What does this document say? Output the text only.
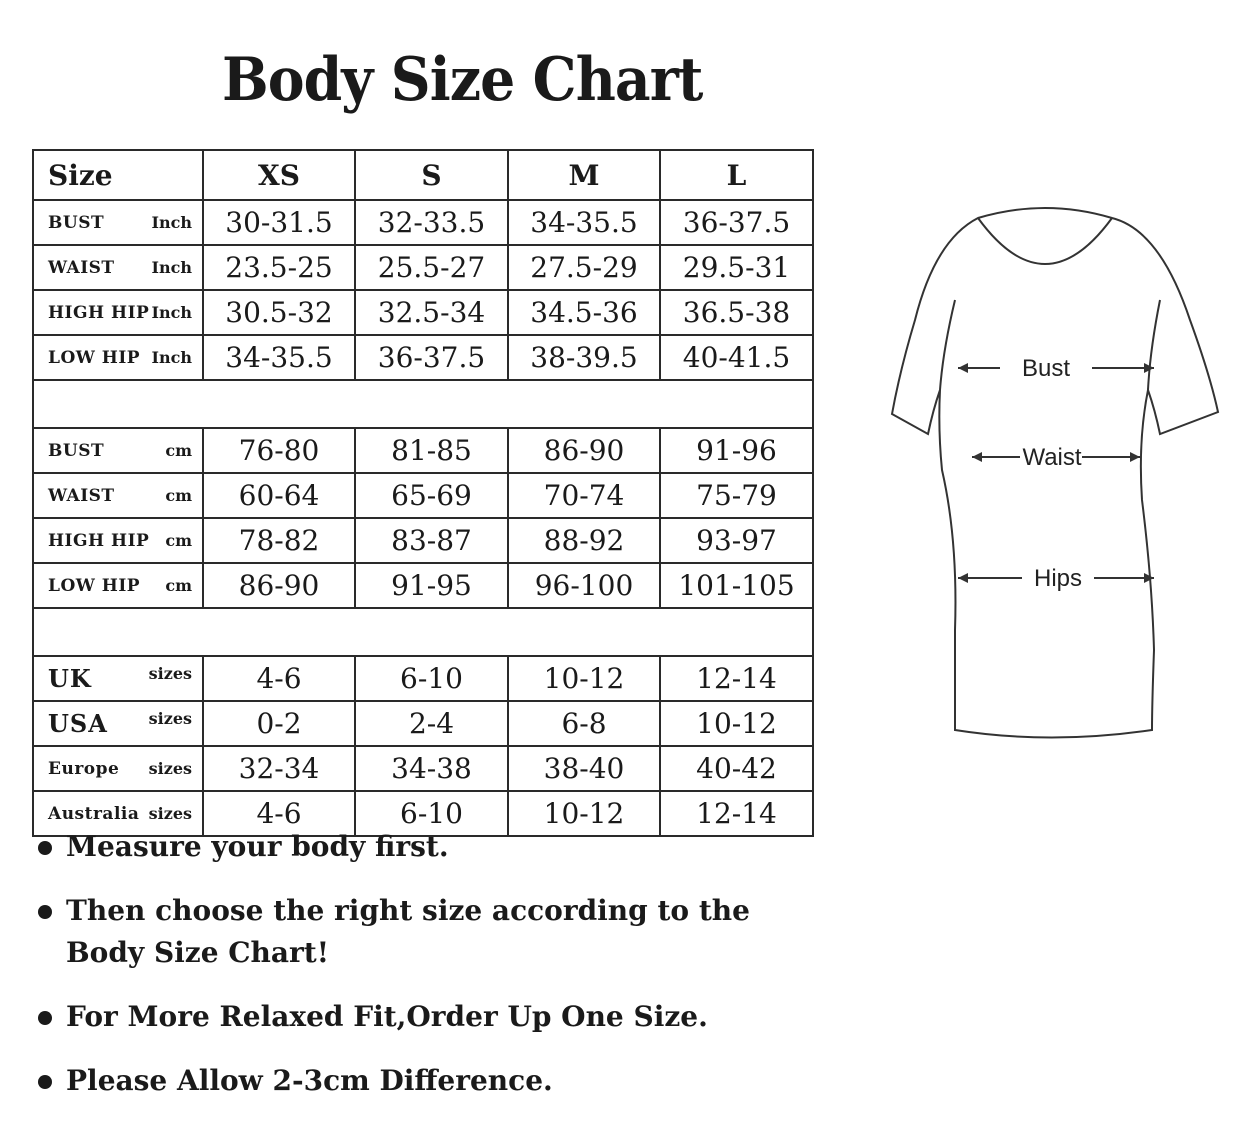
Body Size Chart
Size	XS	S	M	L
BUST Inch	30-31.5	32-33.5	34-35.5	36-37.5
WAIST Inch	23.5-25	25.5-27	27.5-29	29.5-31
HIGH HIP Inch	30.5-32	32.5-34	34.5-36	36.5-38
LOW HIP Inch	34-35.5	36-37.5	38-39.5	40-41.5

BUST cm	76-80	81-85	86-90	91-96
WAIST cm	60-64	65-69	70-74	75-79
HIGH HIP cm	78-82	83-87	88-92	93-97
LOW HIP cm	86-90	91-95	96-100	101-105

UK sizes	4-6	6-10	10-12	12-14
USA sizes	0-2	2-4	6-8	10-12
Europe sizes	32-34	34-38	38-40	40-42
Australia sizes	4-6	6-10	10-12	12-14
Measure your body first.
Then choose the right size according to the Body Size Chart!
For More Relaxed Fit,Order Up One Size.
Please Allow 2-3cm Difference.
Bust
Waist
Hips
